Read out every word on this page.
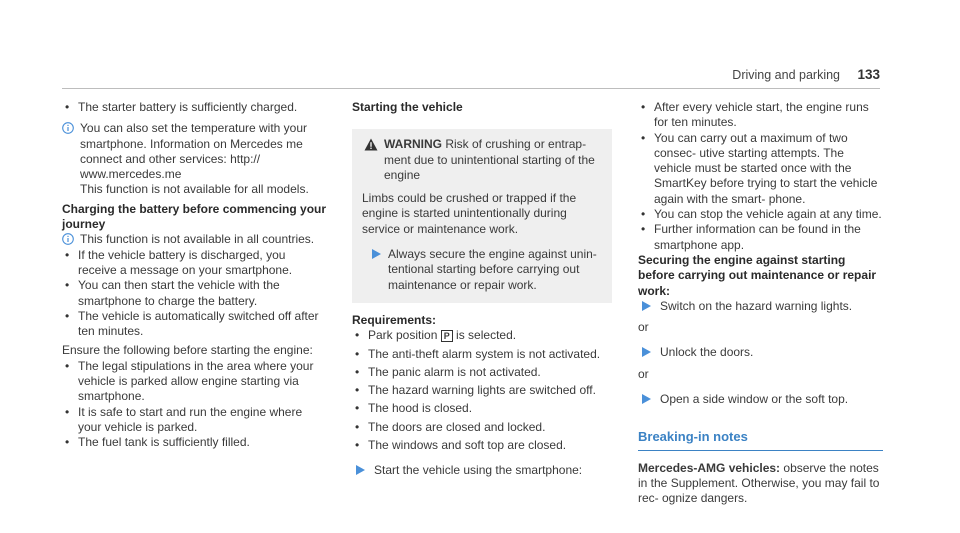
Driving and parking 133

• The starter battery is sufficiently charged.

You can also set the temperature with your smartphone. Information on Mercedes me connect and other services: http:// www.mercedes.me

This function is not available for all models.

Charging the battery before commencing your journey

This function is not available in all countries.

• If the vehicle battery is discharged, you receive a message on your smartphone.

• You can then start the vehicle with the smartphone to charge the battery.

• The vehicle is automatically switched off after ten minutes.

Ensure the following before starting the engine:

• The legal stipulations in the area where your vehicle is parked allow engine starting via smartphone.

• It is safe to start and run the engine where your vehicle is parked.

• The fuel tank is sufficiently filled.

Starting the vehicle

WARNING Risk of crushing or entrap- ment due to unintentional starting of the engine

Limbs could be crushed or trapped if the engine is started unintentionally during service or maintenance work.

Always secure the engine against unin- tentional starting before carrying out maintenance or repair work.

Requirements:

• Park position P is selected.

• The anti-theft alarm system is not activated.

• The panic alarm is not activated.

• The hazard warning lights are switched off.

• The hood is closed.

• The doors are closed and locked.

• The windows and soft top are closed.

Start the vehicle using the smartphone:

• After every vehicle start, the engine runs for ten minutes.

• You can carry out a maximum of two consec- utive starting attempts. The vehicle must be started once with the SmartKey before trying to start the vehicle again with the smart- phone.

• You can stop the vehicle again at any time.

• Further information can be found in the smartphone app.

Securing the engine against starting before carrying out maintenance or repair work:

Switch on the hazard warning lights.

or

Unlock the doors.

or

Open a side window or the soft top.

Breaking-in notes

Mercedes-AMG vehicles: observe the notes in the Supplement. Otherwise, you may fail to rec- ognize dangers.
